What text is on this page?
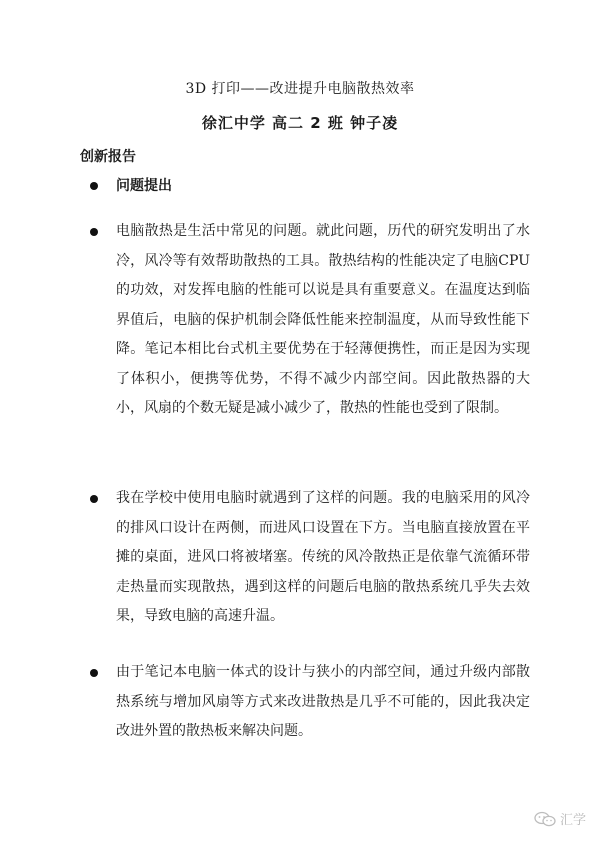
3D 打印——改进提升电脑散热效率
徐汇中学 高二 2 班 钟子凌
创新报告
问题提出
电脑散热是生活中常见的问题。就此问题，历代的研究发明出了水冷，风冷等有效帮助散热的工具。散热结构的性能决定了电脑CPU的功效，对发挥电脑的性能可以说是具有重要意义。在温度达到临界值后，电脑的保护机制会降低性能来控制温度，从而导致性能下降。笔记本相比台式机主要优势在于轻薄便携性，而正是因为实现了体积小，便携等优势，不得不减少内部空间。因此散热器的大小，风扇的个数无疑是减小减少了，散热的性能也受到了限制。
我在学校中使用电脑时就遇到了这样的问题。我的电脑采用的风冷的排风口设计在两侧，而进风口设置在下方。当电脑直接放置在平摊的桌面，进风口将被堵塞。传统的风冷散热正是依靠气流循环带走热量而实现散热，遇到这样的问题后电脑的散热系统几乎失去效果，导致电脑的高速升温。
由于笔记本电脑一体式的设计与狭小的内部空间，通过升级内部散热系统与增加风扇等方式来改进散热是几乎不可能的，因此我决定改进外置的散热板来解决问题。
汇学
